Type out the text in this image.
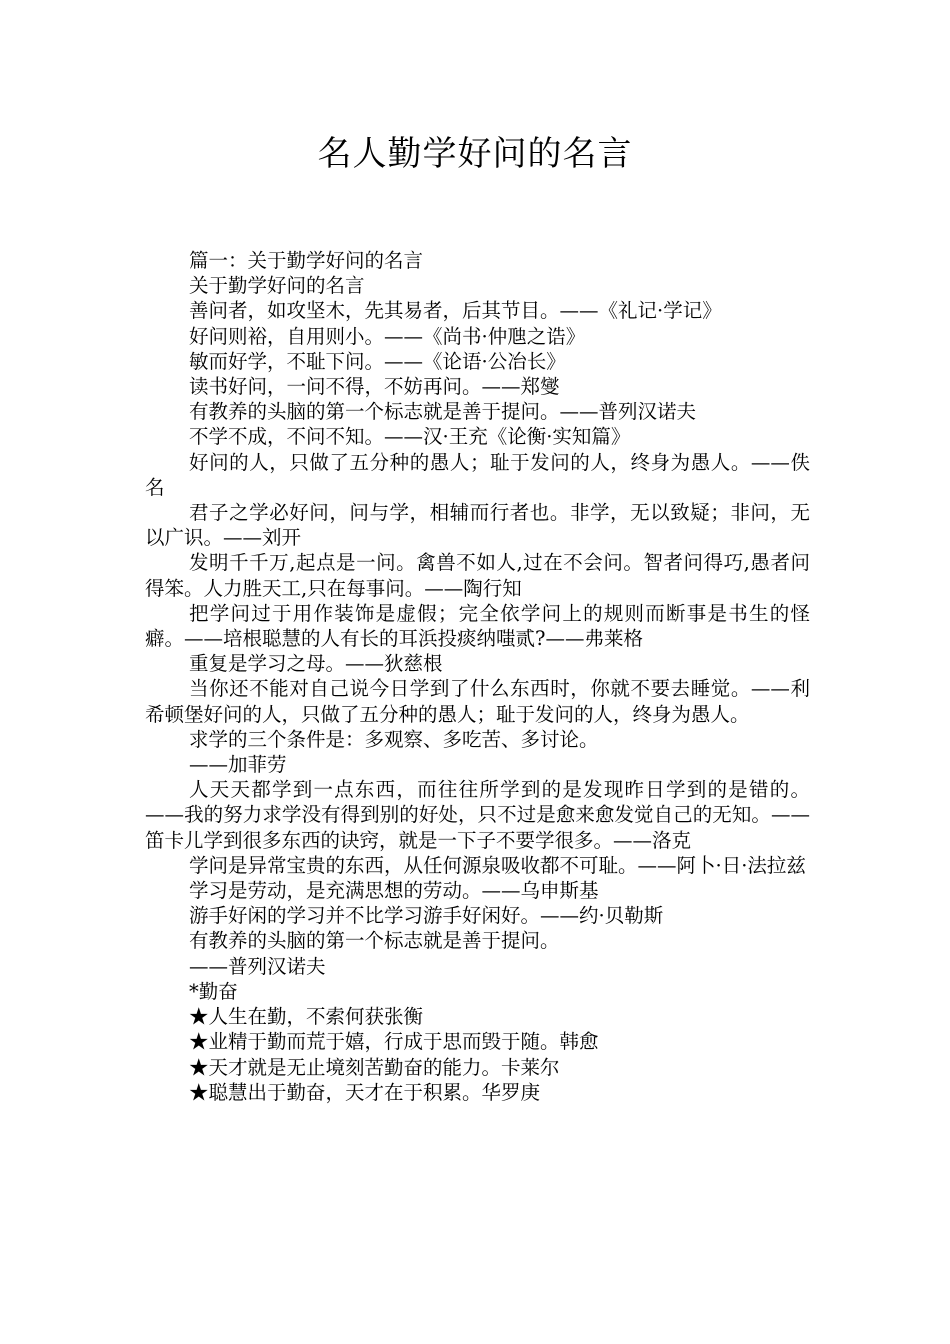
名人勤学好问的名言

篇一：关于勤学好问的名言

关于勤学好问的名言

善问者，如攻坚木，先其易者，后其节目。——《礼记·学记》

好问则裕，自用则小。——《尚书·仲虺之诰》

敏而好学，不耻下问。——《论语·公冶长》

读书好问，一问不得，不妨再问。——郑燮

有教养的头脑的第一个标志就是善于提问。——普列汉诺夫

不学不成，不问不知。——汉·王充《论衡·实知篇》

好问的人，只做了五分种的愚人；耻于发问的人，终身为愚人。——佚名

君子之学必好问，问与学，相辅而行者也。非学，无以致疑；非问，无以广识。——刘开

发明千千万,起点是一问。禽兽不如人,过在不会问。智者问得巧,愚者问得笨。人力胜天工,只在每事问。——陶行知

把学问过于用作装饰是虚假；完全依学问上的规则而断事是书生的怪癖。——培根聪慧的人有长的耳浜投痰纳嗤贰?——弗莱格

重复是学习之母。——狄慈根

当你还不能对自己说今日学到了什么东西时，你就不要去睡觉。——利希顿堡好问的人，只做了五分种的愚人；耻于发问的人，终身为愚人。

求学的三个条件是：多观察、多吃苦、多讨论。

——加菲劳

人天天都学到一点东西，而往往所学到的是发现昨日学到的是错的。——我的努力求学没有得到别的好处，只不过是愈来愈发觉自己的无知。——笛卡儿学到很多东西的诀窍，就是一下子不要学很多。——洛克

学问是异常宝贵的东西，从任何源泉吸收都不可耻。——阿卜·日·法拉兹

学习是劳动，是充满思想的劳动。——乌申斯基

游手好闲的学习并不比学习游手好闲好。——约·贝勒斯

有教养的头脑的第一个标志就是善于提问。

——普列汉诺夫

*勤奋

★人生在勤，不索何获张衡

★业精于勤而荒于嬉，行成于思而毁于随。韩愈

★天才就是无止境刻苦勤奋的能力。卡莱尔

★聪慧出于勤奋，天才在于积累。华罗庚
